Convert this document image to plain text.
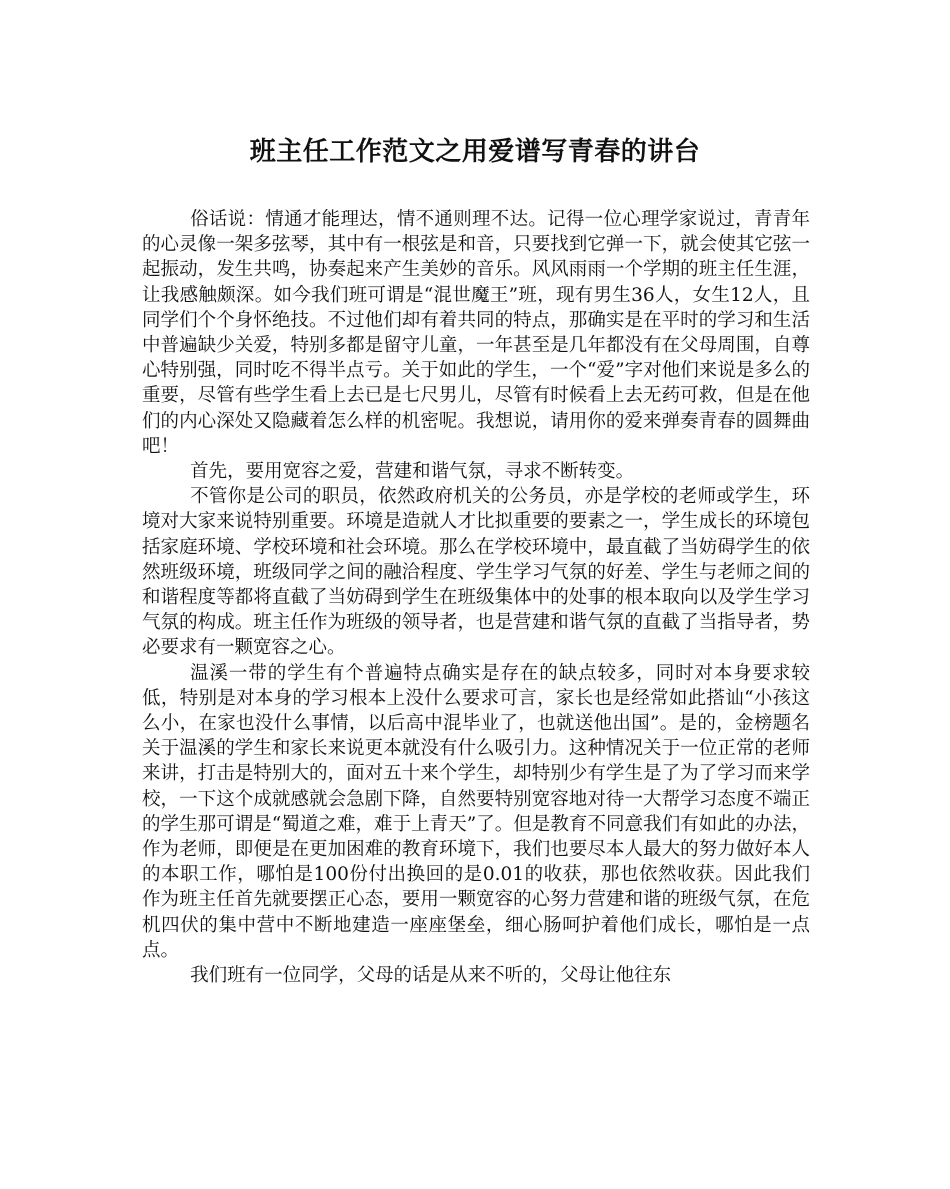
班主任工作范文之用爱谱写青春的讲台

俗话说：情通才能理达，情不通则理不达。记得一位心理学家说过，青青年的心灵像一架多弦琴，其中有一根弦是和音，只要找到它弹一下，就会使其它弦一起振动，发生共鸣，协奏起来产生美妙的音乐。风风雨雨一个学期的班主任生涯，让我感触颇深。如今我们班可谓是“混世魔王”班，现有男生36人，女生12人，且同学们个个身怀绝技。不过他们却有着共同的特点，那确实是在平时的学习和生活中普遍缺少关爱，特别多都是留守儿童，一年甚至是几年都没有在父母周围，自尊心特别强，同时吃不得半点亏。关于如此的学生，一个“爱”字对他们来说是多么的重要，尽管有些学生看上去已是七尺男儿，尽管有时候看上去无药可救，但是在他们的内心深处又隐藏着怎么样的机密呢。我想说，请用你的爱来弹奏青春的圆舞曲吧！

首先，要用宽容之爱，营建和谐气氛，寻求不断转变。

不管你是公司的职员，依然政府机关的公务员，亦是学校的老师或学生，环境对大家来说特别重要。环境是造就人才比拟重要的要素之一，学生成长的环境包括家庭环境、学校环境和社会环境。那么在学校环境中，最直截了当妨碍学生的依然班级环境，班级同学之间的融洽程度、学生学习气氛的好差、学生与老师之间的和谐程度等都将直截了当妨碍到学生在班级集体中的处事的根本取向以及学生学习气氛的构成。班主任作为班级的领导者，也是营建和谐气氛的直截了当指导者，势必要求有一颗宽容之心。

温溪一带的学生有个普遍特点确实是存在的缺点较多，同时对本身要求较低，特别是对本身的学习根本上没什么要求可言，家长也是经常如此搭讪“小孩这么小，在家也没什么事情，以后高中混毕业了，也就送他出国”。是的，金榜题名关于温溪的学生和家长来说更本就没有什么吸引力。这种情况关于一位正常的老师来讲，打击是特别大的，面对五十来个学生，却特别少有学生是了为了学习而来学校，一下这个成就感就会急剧下降，自然要特别宽容地对待一大帮学习态度不端正的学生那可谓是“蜀道之难，难于上青天”了。但是教育不同意我们有如此的办法，作为老师，即便是在更加困难的教育环境下，我们也要尽本人最大的努力做好本人的本职工作，哪怕是100份付出换回的是0.01的收获，那也依然收获。因此我们作为班主任首先就要摆正心态，要用一颗宽容的心努力营建和谐的班级气氛，在危机四伏的集中营中不断地建造一座座堡垒，细心肠呵护着他们成长，哪怕是一点点。

我们班有一位同学，父母的话是从来不听的，父母让他往东
